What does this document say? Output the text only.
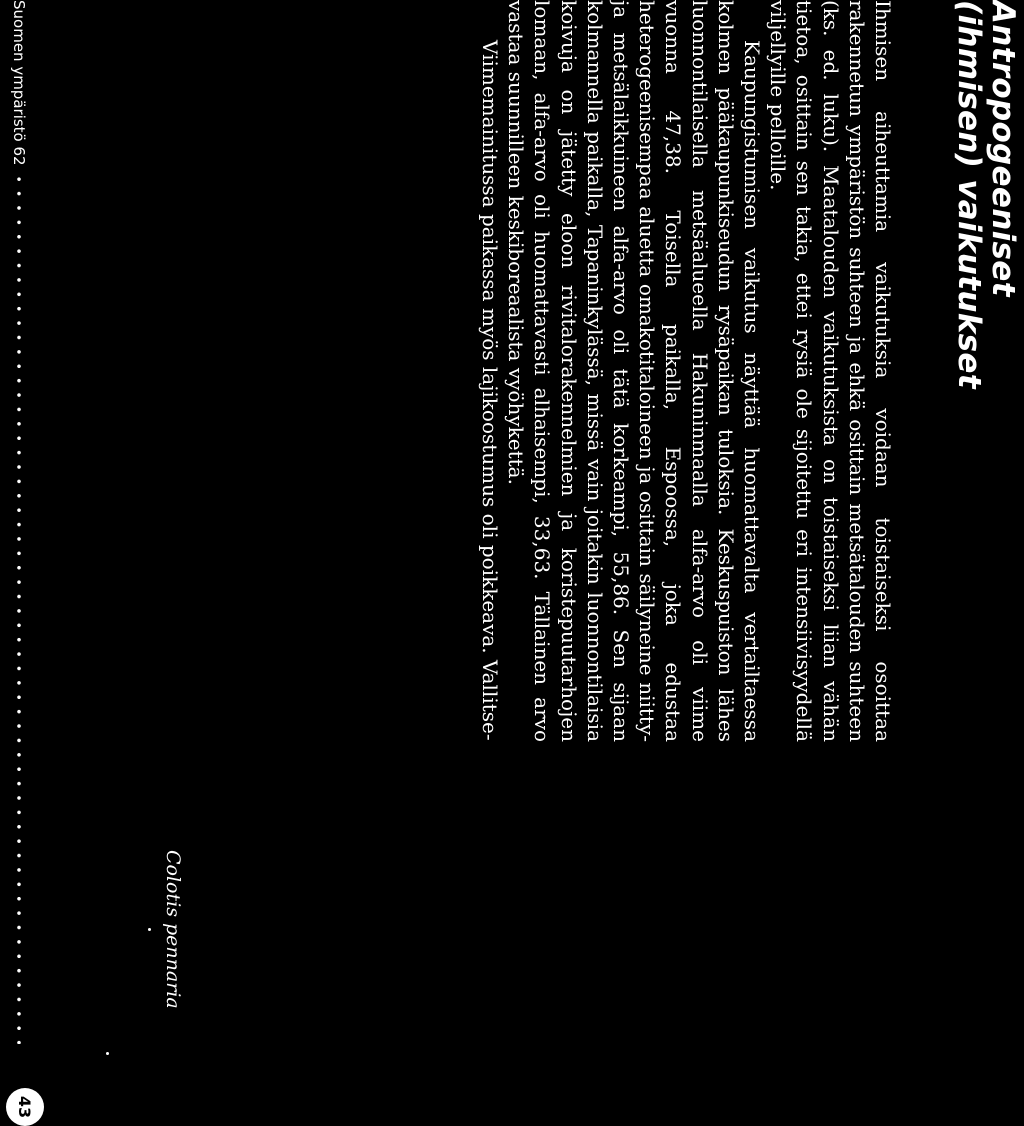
Antropogeeniset
(ihmisen) vaikutukset

Ihmisen aiheuttamia vaikutuksia voidaan toistaiseksi osoittaa rakennetun ympäristön suhteen ja ehkä osittain metsätalouden suhteen (ks. ed. luku). Maatalouden vaikutuksista on toistaiseksi liian vähän tietoa, osittain sen takia, ettei rysiä ole sijoitettu eri intensiivisyydellä viljellyille pelloille.

Kaupungistumisen vaikutus näyttää huomattavalta vertailtaessa kolmen pääkaupunkiseudun rysäpaikan tuloksia. Keskuspuiston lähes luonnontilaisella metsäalueella Hakuninmaalla alfa-arvo oli viime vuonna 47,38. Toisella paikalla, Espoossa, joka edustaa heterogeenisempaa aluetta omakotitaloineen ja osittain säilyneine niitty- ja metsälaikkuineen alfa-arvo oli tätä korkeampi, 55,86. Sen sijaan kolmannella paikalla, Tapaninkylässä, missä vain joitakin luonnontilaisia koivuja on jätetty eloon rivitalorakennelmien ja koristepuutarhojen lomaan, alfa-arvo oli huomattavasti alhaisempi, 33,63. Tällainen arvo vastaa suunnilleen keskiboreaalista vyöhykettä.

Viimemainitussa paikassa myös lajikoostumus oli poikkeava. Vallitse-

Colotis pennaria
Suomen ympäristö 62
43
